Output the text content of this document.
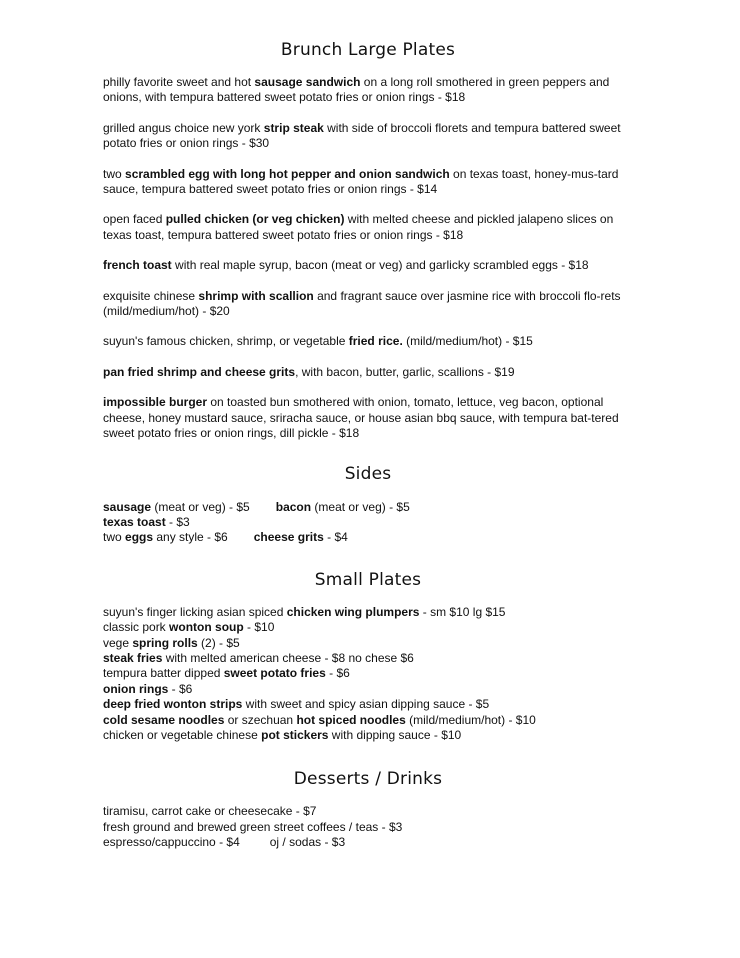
Brunch Large Plates

philly favorite sweet and hot sausage sandwich on a long roll smothered in green peppers and onions, with tempura battered sweet potato fries or onion rings - $18

grilled angus choice new york strip steak with side of broccoli florets and tempura battered sweet potato fries or onion rings - $30

two scrambled egg with long hot pepper and onion sandwich on texas toast, honey-mus-tard sauce, tempura battered sweet potato fries or onion rings - $14

open faced pulled chicken (or veg chicken) with melted cheese and pickled jalapeno slices on texas toast, tempura battered sweet potato fries or onion rings - $18

french toast with real maple syrup, bacon (meat or veg) and garlicky scrambled eggs - $18

exquisite chinese shrimp with scallion and fragrant sauce over jasmine rice with broccoli flo-rets (mild/medium/hot) - $20

suyun's famous chicken, shrimp, or vegetable fried rice. (mild/medium/hot) - $15

pan fried shrimp and cheese grits, with bacon, butter, garlic, scallions - $19

impossible burger on toasted bun smothered with onion, tomato, lettuce, veg bacon, optional cheese, honey mustard sauce, sriracha sauce, or house asian bbq sauce, with tempura bat-tered sweet potato fries or onion rings, dill pickle - $18

Sides

sausage (meat or veg) - $5 bacon (meat or veg) - $5

texas toast - $3

two eggs any style - $6 cheese grits - $4

Small Plates

suyun's finger licking asian spiced chicken wing plumpers - sm $10 lg $15

classic pork wonton soup - $10

vege spring rolls (2) - $5

steak fries with melted american cheese - $8 no chese $6

tempura batter dipped sweet potato fries - $6

onion rings - $6

deep fried wonton strips with sweet and spicy asian dipping sauce - $5

cold sesame noodles or szechuan hot spiced noodles (mild/medium/hot) - $10

chicken or vegetable chinese pot stickers with dipping sauce - $10

Desserts / Drinks

tiramisu, carrot cake or cheesecake - $7

fresh ground and brewed green street coffees / teas - $3

espresso/cappuccino - $4	oj / sodas - $3
